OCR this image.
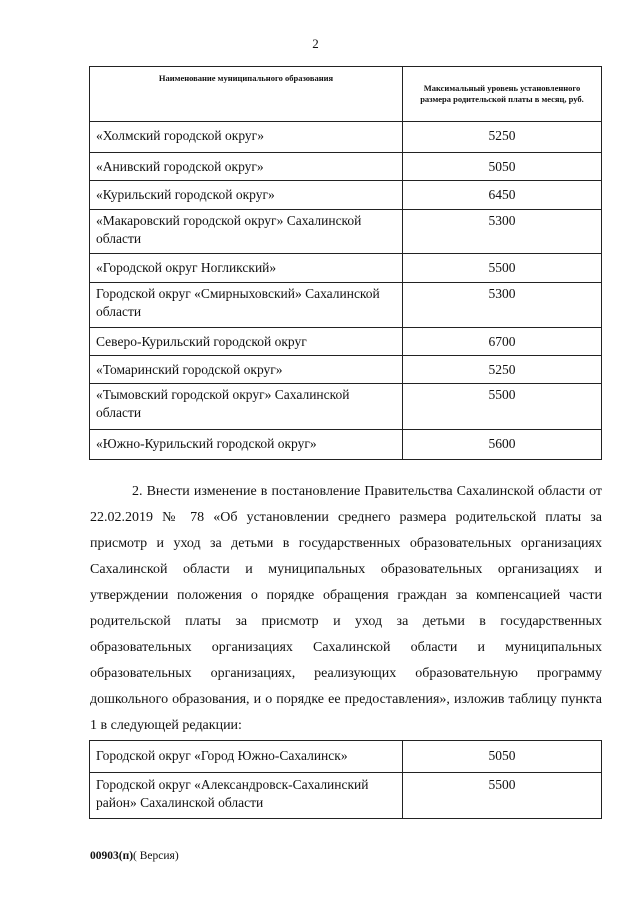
2
Наименование муниципального образования	Максимальный уровень установленного размера родительской платы в месяц, руб.
«Холмский городской округ»	5250
«Анивский городской округ»	5050
«Курильский городской округ»	6450
«Макаровский городской округ» Сахалинской области	5300
«Городской округ Ногликский»	5500
Городской округ «Смирныховский» Сахалинской области	5300
Северо-Курильский городской округ	6700
«Томаринский городской округ»	5250
«Тымовский городской округ» Сахалинской области	5500
«Южно-Курильский городской округ»	5600

2. Внести изменение в постановление Правительства Сахалинской области от 22.02.2019 № 78 «Об установлении среднего размера родительской платы за присмотр и уход за детьми в государственных образовательных организациях Сахалинской области и муниципальных образовательных организациях и утверждении положения о порядке обращения граждан за компенсацией части родительской платы за присмотр и уход за детьми в государственных образовательных организациях Сахалинской области и муниципальных образовательных организациях, реализующих образовательную программу дошкольного образования, и о порядке ее предоставления», изложив таблицу пункта 1 в следующей редакции:

Городской округ «Город Южно-Сахалинск»	5050
Городской округ «Александровск-Сахалинский район» Сахалинской области	5500
00903(п)( Версия)
